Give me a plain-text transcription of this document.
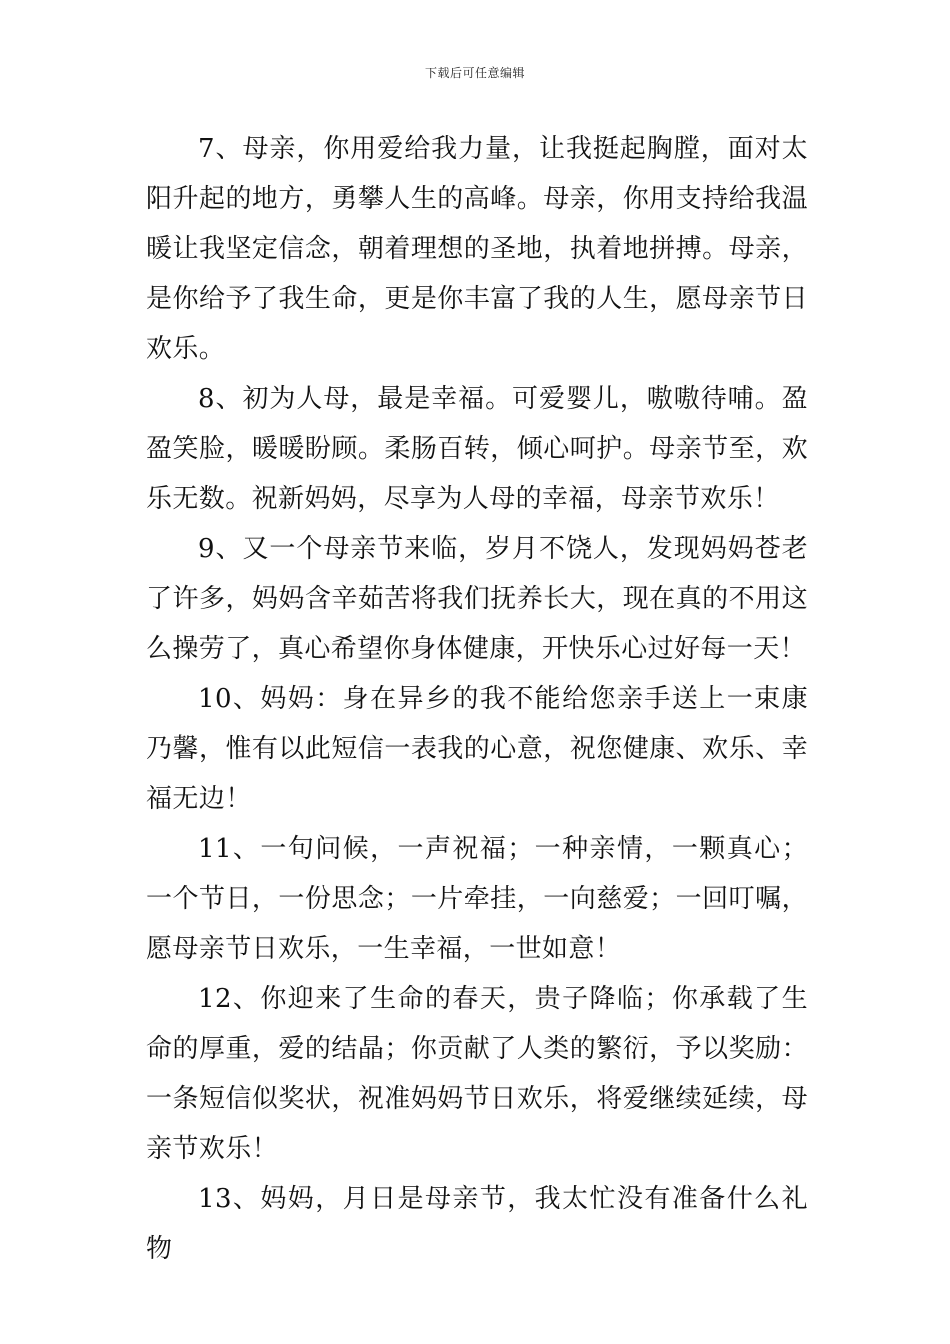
下载后可任意编辑

7、母亲，你用爱给我力量，让我挺起胸膛，面对太阳升起的地方，勇攀人生的高峰。母亲，你用支持给我温暖让我坚定信念，朝着理想的圣地，执着地拼搏。母亲，是你给予了我生命，更是你丰富了我的人生，愿母亲节日欢乐。

8、初为人母，最是幸福。可爱婴儿，嗷嗷待哺。盈盈笑脸，暖暖盼顾。柔肠百转，倾心呵护。母亲节至，欢乐无数。祝新妈妈，尽享为人母的幸福，母亲节欢乐！

9、又一个母亲节来临，岁月不饶人，发现妈妈苍老了许多，妈妈含辛茹苦将我们抚养长大，现在真的不用这么操劳了，真心希望你身体健康，开快乐心过好每一天！

10、妈妈：身在异乡的我不能给您亲手送上一束康乃馨，惟有以此短信一表我的心意，祝您健康、欢乐、幸福无边！

11、一句问候，一声祝福；一种亲情，一颗真心；一个节日，一份思念；一片牵挂，一向慈爱；一回叮嘱，愿母亲节日欢乐，一生幸福，一世如意！

12、你迎来了生命的春天，贵子降临；你承载了生命的厚重，爱的结晶；你贡献了人类的繁衍，予以奖励：一条短信似奖状，祝准妈妈节日欢乐，将爱继续延续，母亲节欢乐！

13、妈妈，月日是母亲节，我太忙没有准备什么礼物
